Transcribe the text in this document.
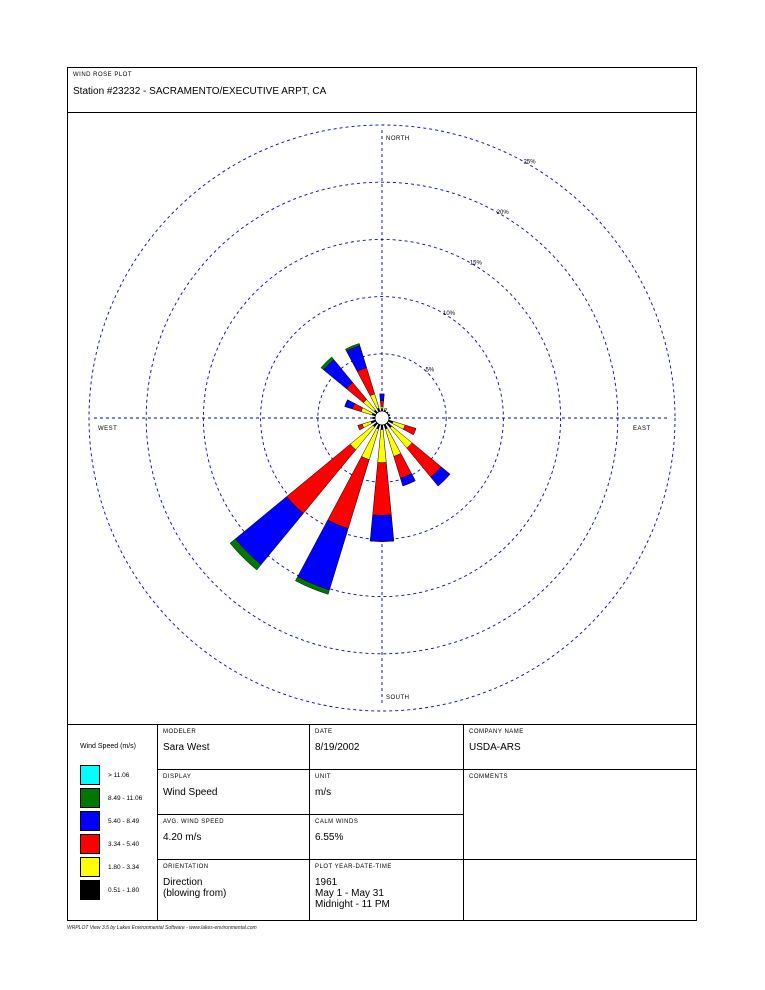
WIND ROSE PLOT
Station #23232 - SACRAMENTO/EXECUTIVE ARPT, CA
NORTH
SOUTH
WEST	EAST
5%
10%
15%
20%
25%
Wind Speed (m/s)
> 11.06
8.49 - 11.06
5.40 - 8.49
3.34 - 5.40
1.80 - 3.34
0.51 - 1.80
MODELER
Sara West
DATE
8/19/2002
COMPANY NAME
USDA-ARS
DISPLAY
Wind Speed
UNIT
m/s
COMMENTS
AVG. WIND SPEED
4.20 m/s
CALM WINDS
6.55%
ORIENTATION
Direction
(blowing from)
PLOT YEAR-DATE-TIME
1961
May 1 - May 31
Midnight - 11 PM
WRPLOT View 3.5 by Lakes Environmental Software - www.lakes-environmental.com
